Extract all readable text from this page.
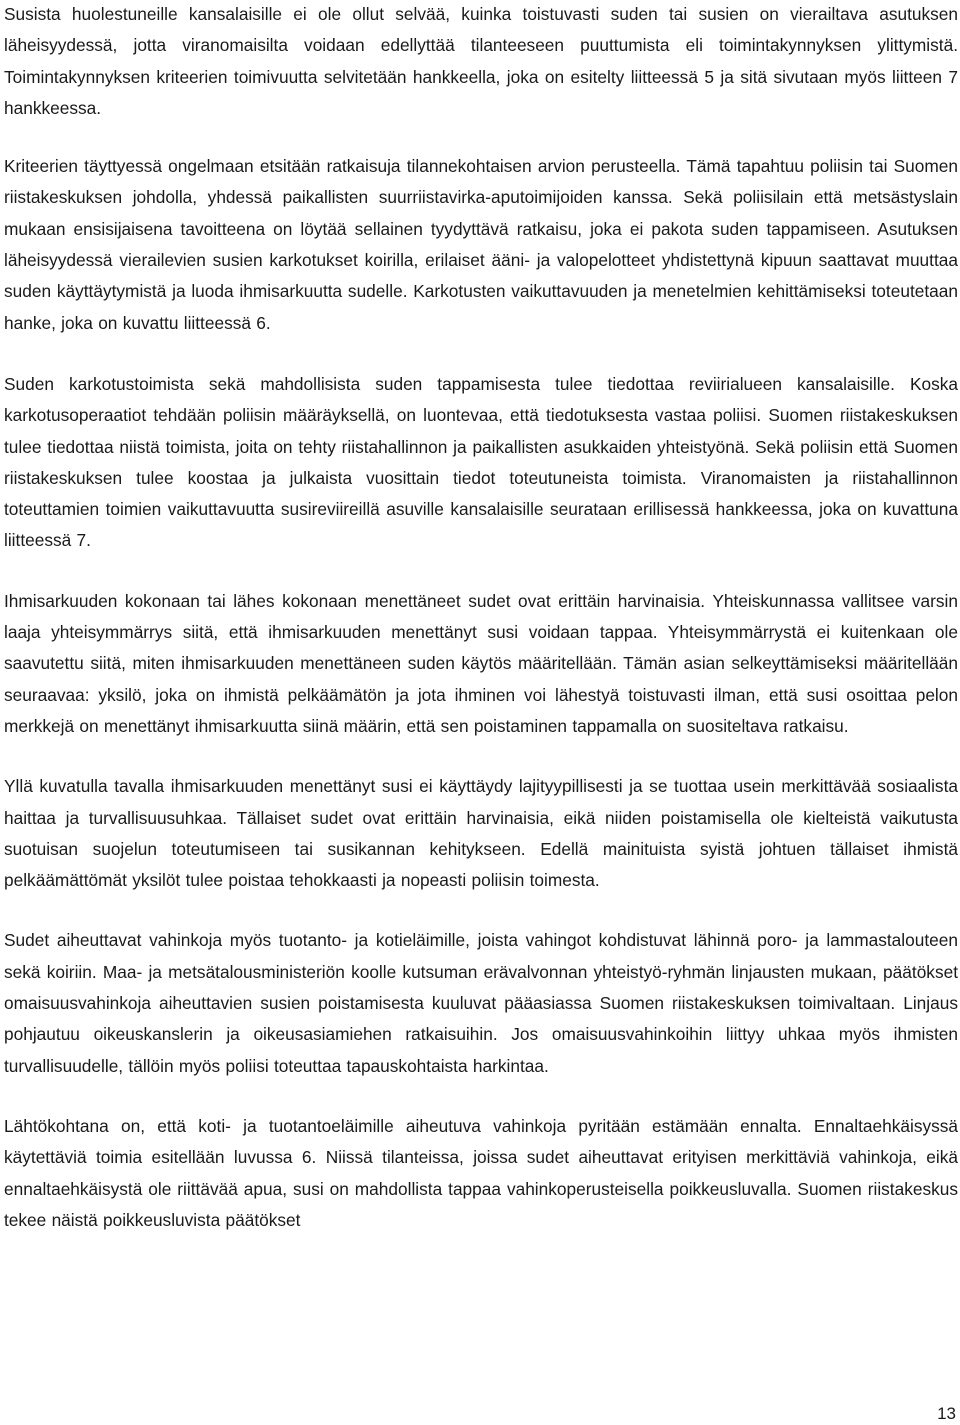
Susista huolestuneille kansalaisille ei ole ollut selvää, kuinka toistuvasti suden tai susien on vierailtava asutuksen läheisyydessä, jotta viranomaisilta voidaan edellyttää tilanteeseen puuttumista eli toimintakynnyksen ylittymistä. Toimintakynnyksen kriteerien toimivuutta selvitetään hankkeella, joka on esitelty liitteessä 5 ja sitä sivutaan myös liitteen 7 hankkeessa.

Kriteerien täyttyessä ongelmaan etsitään ratkaisuja tilannekohtaisen arvion perusteella. Tämä tapahtuu poliisin tai Suomen riistakeskuksen johdolla, yhdessä paikallisten suurriistavirka-aputoimijoiden kanssa. Sekä poliisilain että metsästyslain mukaan ensisijaisena tavoitteena on löytää sellainen tyydyttävä ratkaisu, joka ei pakota suden tappamiseen. Asutuksen läheisyydessä vierailevien susien karkotukset koirilla, erilaiset ääni- ja valopelotteet yhdistettynä kipuun saattavat muuttaa suden käyttäytymistä ja luoda ihmisarkuutta sudelle. Karkotusten vaikuttavuuden ja menetelmien kehittämiseksi toteutetaan hanke, joka on kuvattu liitteessä 6.

Suden karkotustoimista sekä mahdollisista suden tappamisesta tulee tiedottaa reviirialueen kansalaisille. Koska karkotusoperaatiot tehdään poliisin määräyksellä, on luontevaa, että tiedotuksesta vastaa poliisi. Suomen riistakeskuksen tulee tiedottaa niistä toimista, joita on tehty riistahallinnon ja paikallisten asukkaiden yhteistyönä. Sekä poliisin että Suomen riistakeskuksen tulee koostaa ja julkaista vuosittain tiedot toteutuneista toimista. Viranomaisten ja riistahallinnon toteuttamien toimien vaikuttavuutta susireviireillä asuville kansalaisille seurataan erillisessä hankkeessa, joka on kuvattuna liitteessä 7.

Ihmisarkuuden kokonaan tai lähes kokonaan menettäneet sudet ovat erittäin harvinaisia. Yhteiskunnassa vallitsee varsin laaja yhteisymmärrys siitä, että ihmisarkuuden menettänyt susi voidaan tappaa. Yhteisymmärrystä ei kuitenkaan ole saavutettu siitä, miten ihmisarkuuden menettäneen suden käytös määritellään. Tämän asian selkeyttämiseksi määritellään seuraavaa: yksilö, joka on ihmistä pelkäämätön ja jota ihminen voi lähestyä toistuvasti ilman, että susi osoittaa pelon merkkejä on menettänyt ihmisarkuutta siinä määrin, että sen poistaminen tappamalla on suositeltava ratkaisu.

Yllä kuvatulla tavalla ihmisarkuuden menettänyt susi ei käyttäydy lajityypillisesti ja se tuottaa usein merkittävää sosiaalista haittaa ja turvallisuusuhkaa. Tällaiset sudet ovat erittäin harvinaisia, eikä niiden poistamisella ole kielteistä vaikutusta suotuisan suojelun toteutumiseen tai susikannan kehitykseen. Edellä mainituista syistä johtuen tällaiset ihmistä pelkäämättömät yksilöt tulee poistaa tehokkaasti ja nopeasti poliisin toimesta.

Sudet aiheuttavat vahinkoja myös tuotanto- ja kotieläimille, joista vahingot kohdistuvat lähinnä poro- ja lammastalouteen sekä koiriin. Maa- ja metsätalousministeriön koolle kutsuman erävalvonnan yhteistyö-ryhmän linjausten mukaan, päätökset omaisuusvahinkoja aiheuttavien susien poistamisesta kuuluvat pääasiassa Suomen riistakeskuksen toimivaltaan. Linjaus pohjautuu oikeuskanslerin ja oikeusasiamiehen ratkaisuihin. Jos omaisuusvahinkoihin liittyy uhkaa myös ihmisten turvallisuudelle, tällöin myös poliisi toteuttaa tapauskohtaista harkintaa.

Lähtökohtana on, että koti- ja tuotantoeläimille aiheutuva vahinkoja pyritään estämään ennalta. Ennaltaehkäisyssä käytettäviä toimia esitellään luvussa 6. Niissä tilanteissa, joissa sudet aiheuttavat erityisen merkittäviä vahinkoja, eikä ennaltaehkäisystä ole riittävää apua, susi on mahdollista tappaa vahinkoperusteisella poikkeusluvalla. Suomen riistakeskus tekee näistä poikkeusluvista päätökset

13
